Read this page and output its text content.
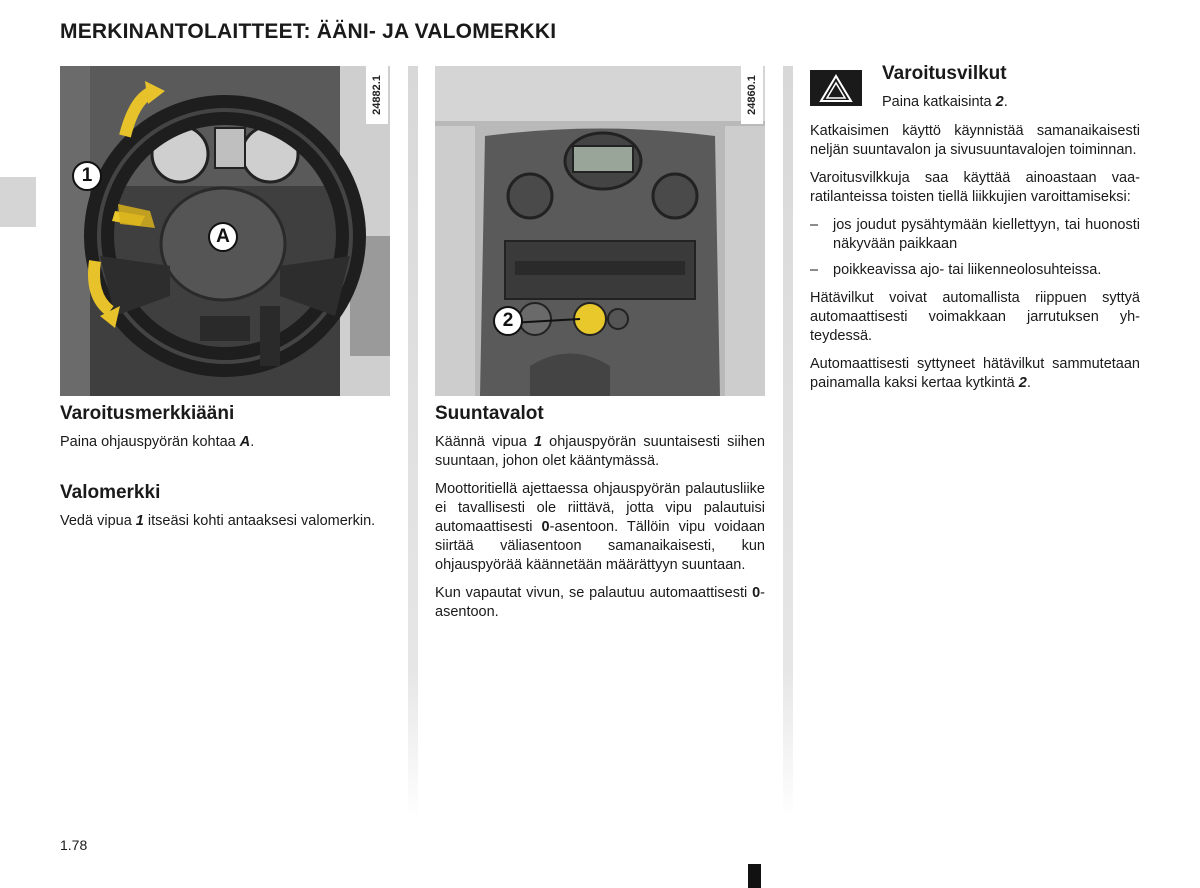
MERKINANTOLAITTEET: ÄÄNI- JA VALOMERKKI
24882.1
1
A
Varoitusmerkkiääni

Paina ohjauspyörän kohtaa A.

Valomerkki

Vedä vipua 1 itseäsi kohti antaaksesi valomerkin.

24860.1
2
Suuntavalot

Käännä vipua 1 ohjauspyörän suuntaisesti siihen suuntaan, johon olet kääntymässä.

Moottoritiellä ajettaessa ohjauspyörän palautusliike ei tavallisesti ole riittävä, jotta vipu palautuisi automaattisesti 0-asentoon. Tällöin vipu voidaan siirtää väliasentoon samanaikaisesti, kun ohjauspyörää käännetään määrättyyn suuntaan.

Kun vapautat vivun, se palautuu automaattisesti 0-asentoon.

Varoitusvilkut

Paina katkaisinta 2.

Katkaisimen käyttö käynnistää samanaikaisesti neljän suuntavalon ja sivusuuntavalojen toiminnan.

Varoitusvilkkuja saa käyttää ainoastaan vaaratilanteissa toisten tiellä liikkujien varoittamiseksi:

– jos joudut pysähtymään kiellettyyn, tai huonosti näkyvään paikkaan
– poikkeavissa ajo- tai liikenneolosuhteissa.

Hätävilkut voivat automallista riippuen syttyä automaattisesti voimakkaan jarrutuksen yhteydessä.

Automaattisesti syttyneet hätävilkut sammutetaan painamalla kaksi kertaa kytkintä 2.

1.78
